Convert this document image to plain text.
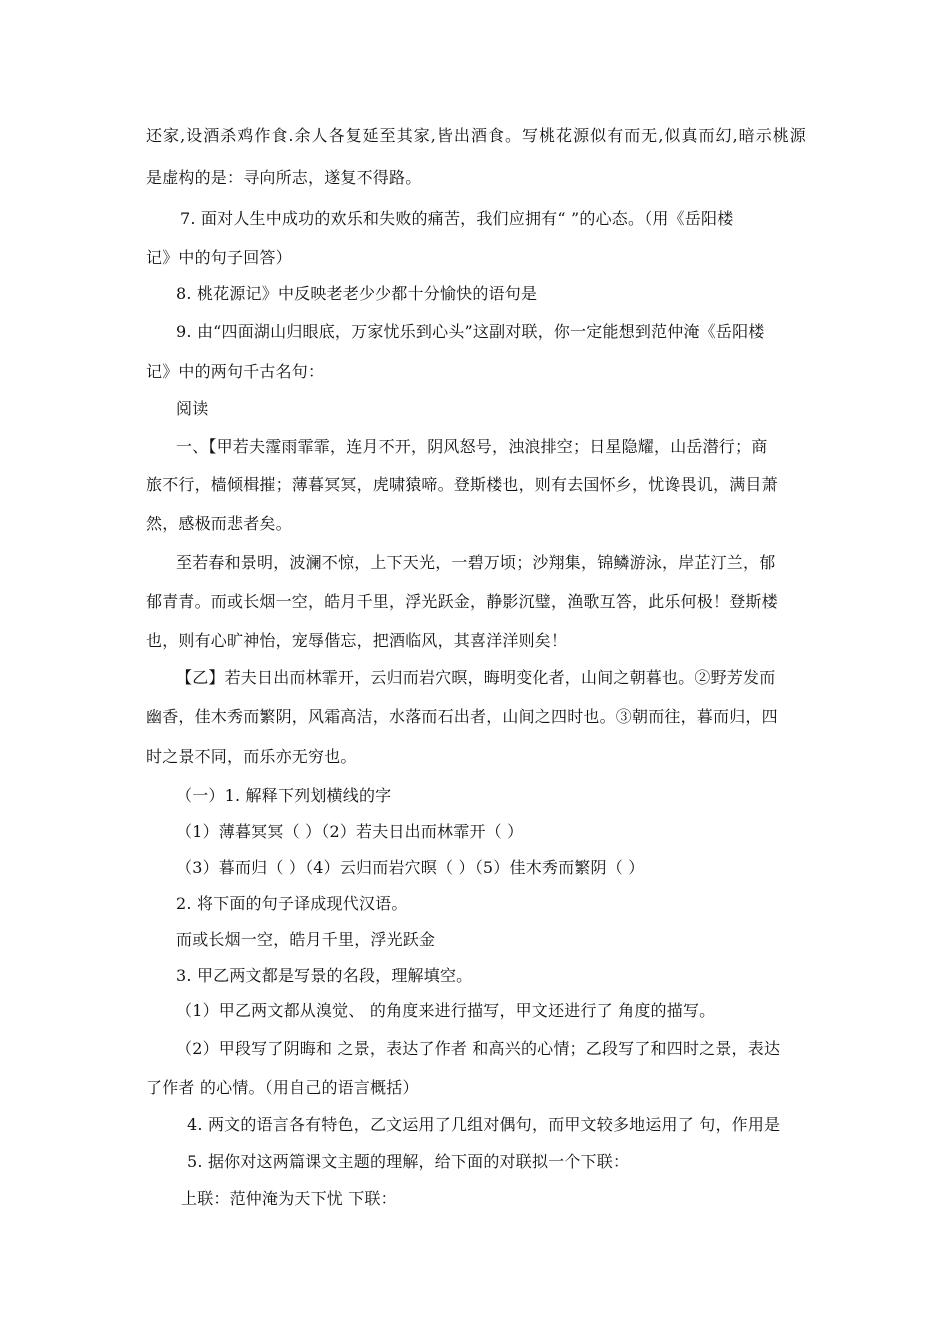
还家,设酒杀鸡作食.余人各复延至其家,皆出酒食。写桃花源似有而无,似真而幻,暗示桃源
是虚构的是：寻向所志，遂复不得路。
7. 面对人生中成功的欢乐和失败的痛苦，我们应拥有“ ”的心态。（用《岳阳楼
记》中的句子回答）
8. 桃花源记》中反映老老少少都十分愉快的语句是
9. 由“四面湖山归眼底，万家忧乐到心头”这副对联，你一定能想到范仲淹《岳阳楼
记》中的两句千古名句：
阅读
一、【甲若夫霪雨霏霏，连月不开，阴风怒号，浊浪排空；日星隐耀，山岳潜行；商
旅不行，樯倾楫摧；薄暮冥冥，虎啸猿啼。登斯楼也，则有去国怀乡，忧谗畏讥，满目萧
然，感极而悲者矣。
至若春和景明，波澜不惊，上下天光，一碧万顷；沙翔集，锦鳞游泳，岸芷汀兰，郁
郁青青。而或长烟一空，皓月千里，浮光跃金，静影沉璧，渔歌互答，此乐何极！登斯楼
也，则有心旷神怡，宠辱偕忘，把酒临风，其喜洋洋则矣！
【乙】若夫日出而林霏开，云归而岩穴暝，晦明变化者，山间之朝暮也。②野芳发而
幽香，佳木秀而繁阴，风霜高洁，水落而石出者，山间之四时也。③朝而往，暮而归，四
时之景不同，而乐亦无穷也。
（一）1. 解释下列划横线的字
（1）薄暮冥冥（ ）（2）若夫日出而林霏开（ ）
（3）暮而归（ ）（4）云归而岩穴暝（ ）（5）佳木秀而繁阴（ ）
2. 将下面的句子译成现代汉语。
而或长烟一空，皓月千里，浮光跃金
3. 甲乙两文都是写景的名段，理解填空。
（1）甲乙两文都从溴觉、 的角度来进行描写，甲文还进行了 角度的描写。
（2）甲段写了阴晦和 之景，表达了作者 和高兴的心情；乙段写了和四时之景，表达
了作者 的心情。（用自己的语言概括）
4. 两文的语言各有特色，乙文运用了几组对偶句，而甲文较多地运用了 句，作用是
5. 据你对这两篇课文主题的理解，给下面的对联拟一个下联：
上联：范仲淹为天下忧 下联：
